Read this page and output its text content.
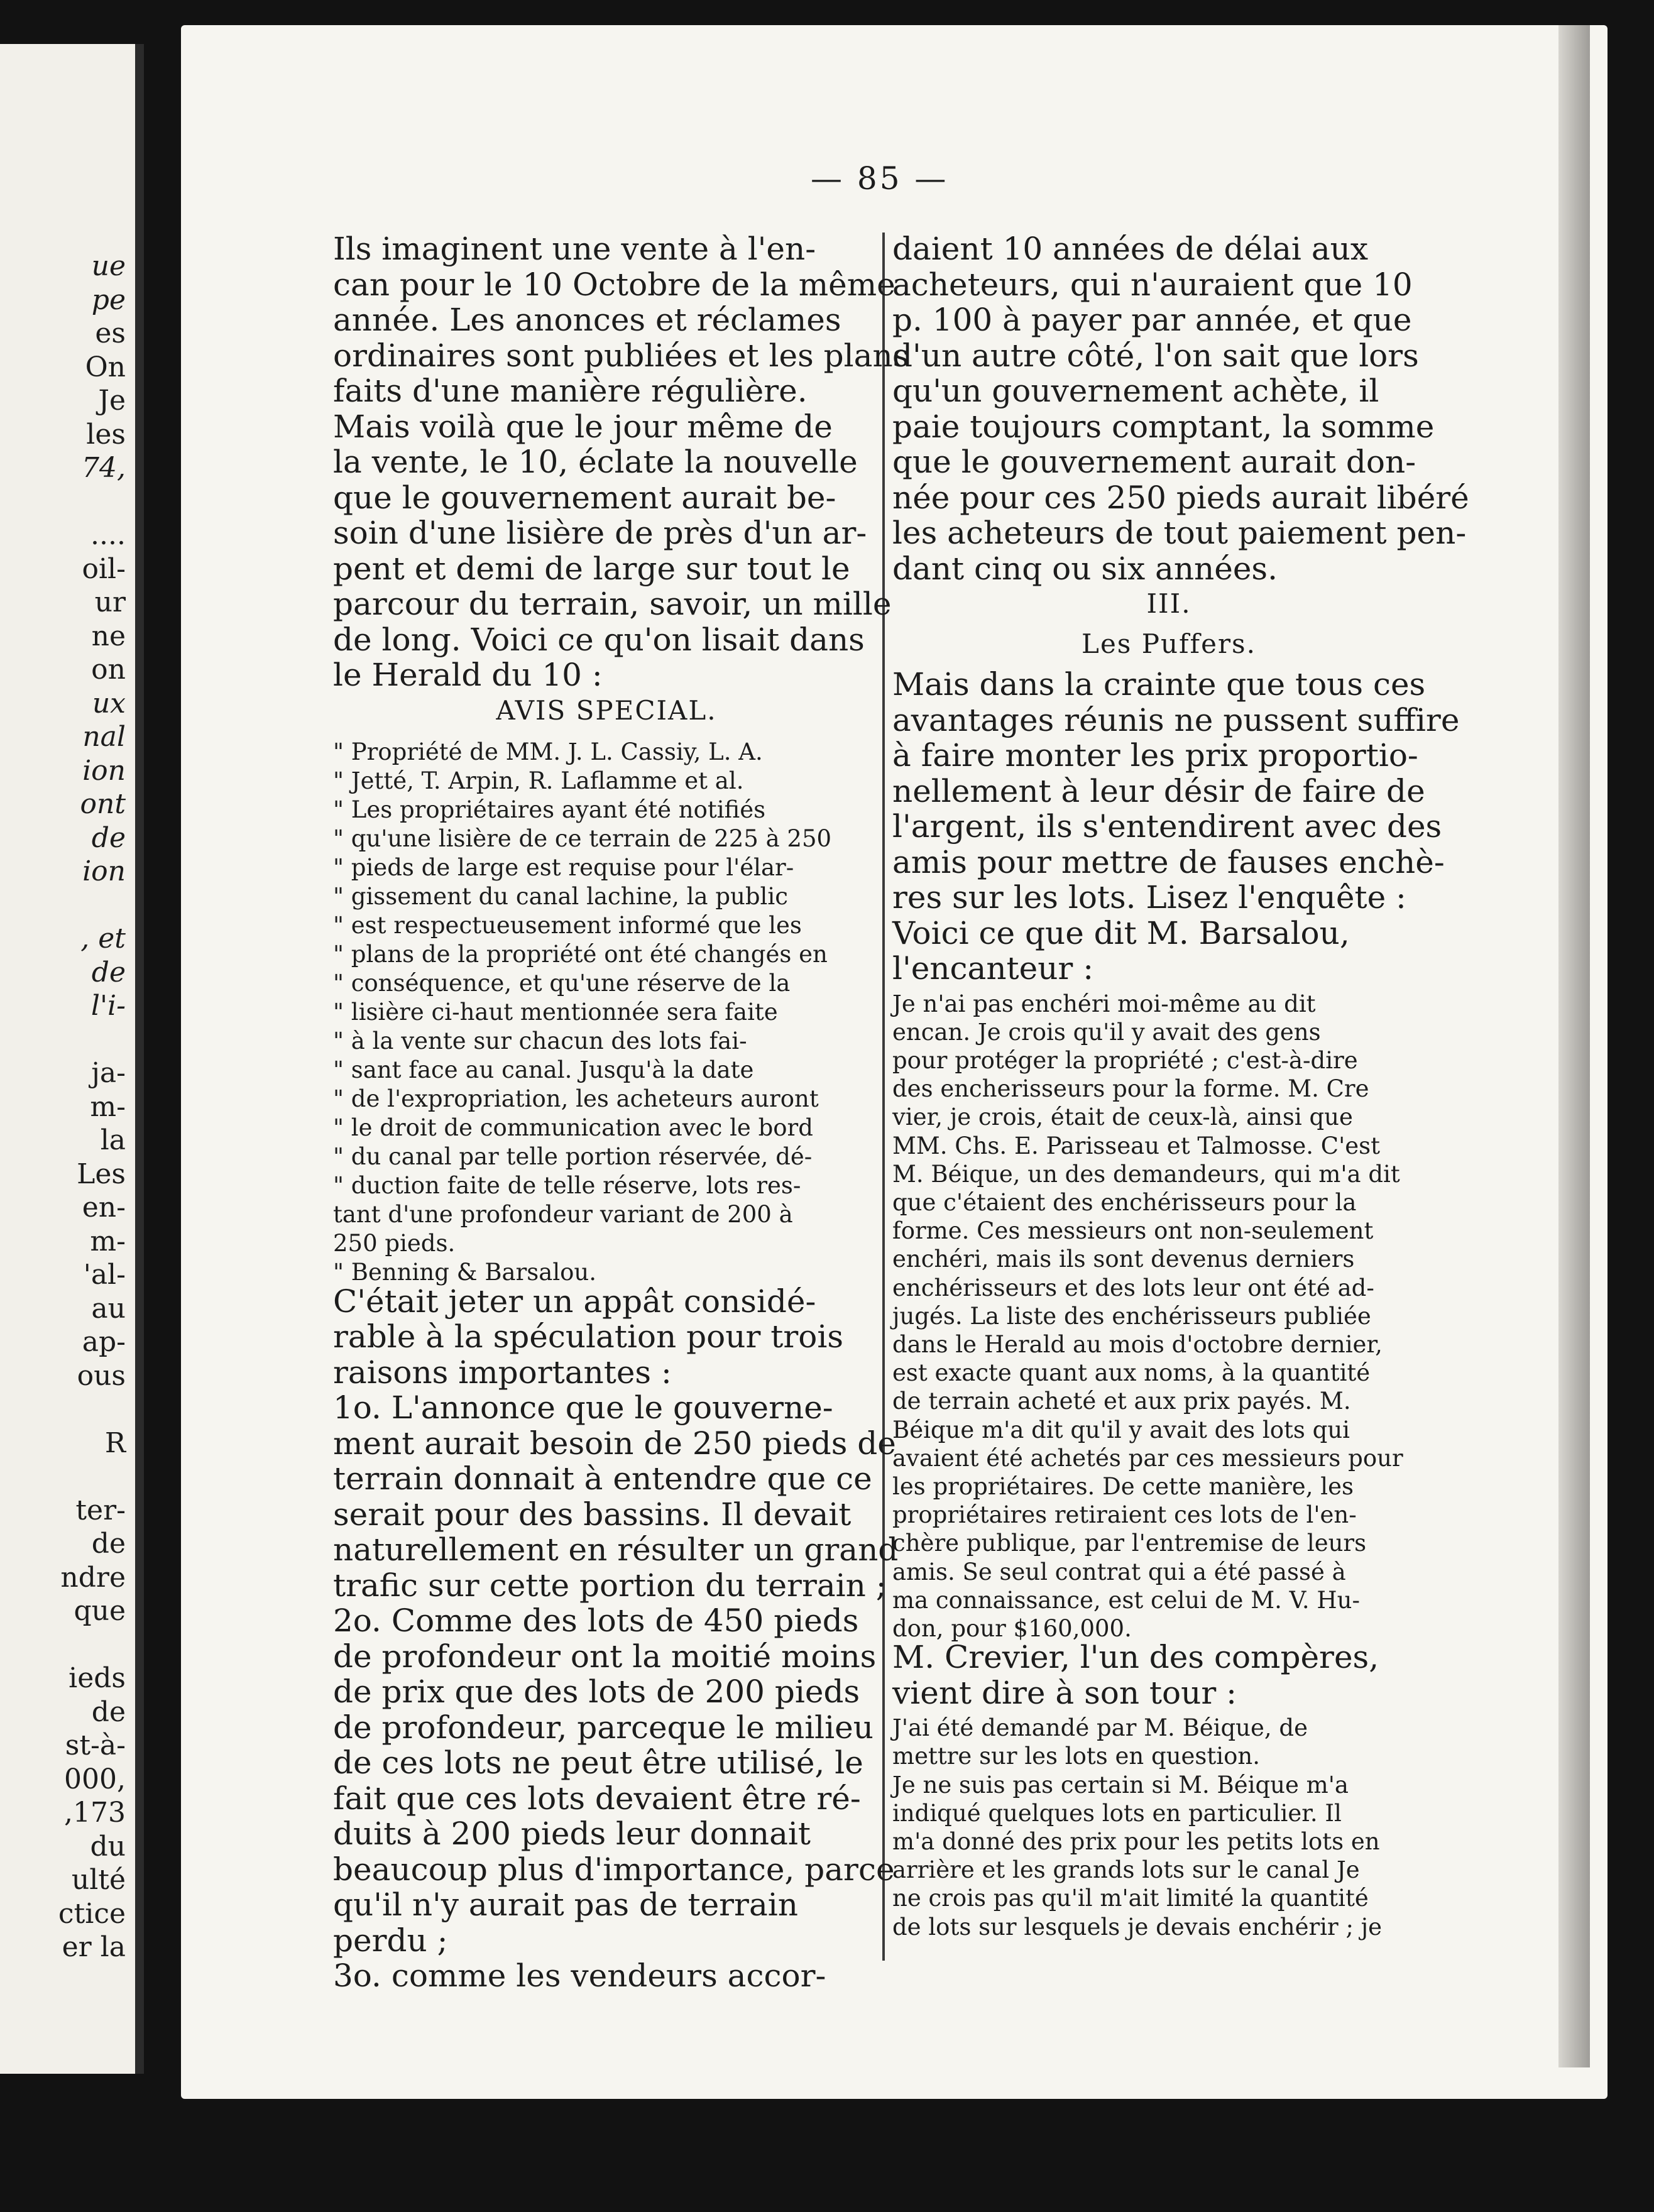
ue
pe
es
On
Je
les
74,
....
oil-
ur
ne
on
ux
nal
ion
ont
de
ion
, et
de
l'i-
ja-
m-
la
Les
en-
m-
'al-
au
ap-
ous
R
ter-
de
ndre
que
ieds
de
st-à-
000,
,173
du
ulté
ctice
er la
— 85 —
Ils imaginent une vente à l'en-
can pour le 10 Octobre de la même
année. Les anonces et réclames
ordinaires sont publiées et les plans
faits d'une manière régulière.
Mais voilà que le jour même de
la vente, le 10, éclate la nouvelle
que le gouvernement aurait be-
soin d'une lisière de près d'un ar-
pent et demi de large sur tout le
parcour du terrain, savoir, un mille
de long. Voici ce qu'on lisait dans
le Herald du 10 :
AVIS SPECIAL.
" Propriété de MM. J. L. Cassiy, L. A.
" Jetté, T. Arpin, R. Laflamme et al.
" Les propriétaires ayant été notifiés
" qu'une lisière de ce terrain de 225 à 250
" pieds de large est requise pour l'élar-
" gissement du canal lachine, la public
" est respectueusement informé que les
" plans de la propriété ont été changés en
" conséquence, et qu'une réserve de la
" lisière ci-haut mentionnée sera faite
" à la vente sur chacun des lots fai-
" sant face au canal. Jusqu'à la date
" de l'expropriation, les acheteurs auront
" le droit de communication avec le bord
" du canal par telle portion réservée, dé-
" duction faite de telle réserve, lots res-
tant d'une profondeur variant de 200 à
250 pieds.
" Benning & Barsalou.
C'était jeter un appât considé-
rable à la spéculation pour trois
raisons importantes :
1o. L'annonce que le gouverne-
ment aurait besoin de 250 pieds de
terrain donnait à entendre que ce
serait pour des bassins. Il devait
naturellement en résulter un grand
trafic sur cette portion du terrain ;
2o. Comme des lots de 450 pieds
de profondeur ont la moitié moins
de prix que des lots de 200 pieds
de profondeur, parceque le milieu
de ces lots ne peut être utilisé, le
fait que ces lots devaient être ré-
duits à 200 pieds leur donnait
beaucoup plus d'importance, parce
qu'il n'y aurait pas de terrain
perdu ;
3o. comme les vendeurs accor-
daient 10 années de délai aux
acheteurs, qui n'auraient que 10
p. 100 à payer par année, et que
d'un autre côté, l'on sait que lors
qu'un gouvernement achète, il
paie toujours comptant, la somme
que le gouvernement aurait don-
née pour ces 250 pieds aurait libéré
les acheteurs de tout paiement pen-
dant cinq ou six années.
III.
Les Puffers.
Mais dans la crainte que tous ces
avantages réunis ne pussent suffire
à faire monter les prix proportio-
nellement à leur désir de faire de
l'argent, ils s'entendirent avec des
amis pour mettre de fauses enchè-
res sur les lots. Lisez l'enquête :
Voici ce que dit M. Barsalou,
l'encanteur :
Je n'ai pas enchéri moi-même au dit
encan. Je crois qu'il y avait des gens
pour protéger la propriété ; c'est-à-dire
des encherisseurs pour la forme. M. Cre
vier, je crois, était de ceux-là, ainsi que
MM. Chs. E. Parisseau et Talmosse. C'est
M. Béique, un des demandeurs, qui m'a dit
que c'étaient des enchérisseurs pour la
forme. Ces messieurs ont non-seulement
enchéri, mais ils sont devenus derniers
enchérisseurs et des lots leur ont été ad-
jugés. La liste des enchérisseurs publiée
dans le Herald au mois d'octobre dernier,
est exacte quant aux noms, à la quantité
de terrain acheté et aux prix payés. M.
Béique m'a dit qu'il y avait des lots qui
avaient été achetés par ces messieurs pour
les propriétaires. De cette manière, les
propriétaires retiraient ces lots de l'en-
chère publique, par l'entremise de leurs
amis. Se seul contrat qui a été passé à
ma connaissance, est celui de M. V. Hu-
don, pour $160,000.
M. Crevier, l'un des compères,
vient dire à son tour :
J'ai été demandé par M. Béique, de
mettre sur les lots en question.
Je ne suis pas certain si M. Béique m'a
indiqué quelques lots en particulier. Il
m'a donné des prix pour les petits lots en
arrière et les grands lots sur le canal Je
ne crois pas qu'il m'ait limité la quantité
de lots sur lesquels je devais enchérir ; je
